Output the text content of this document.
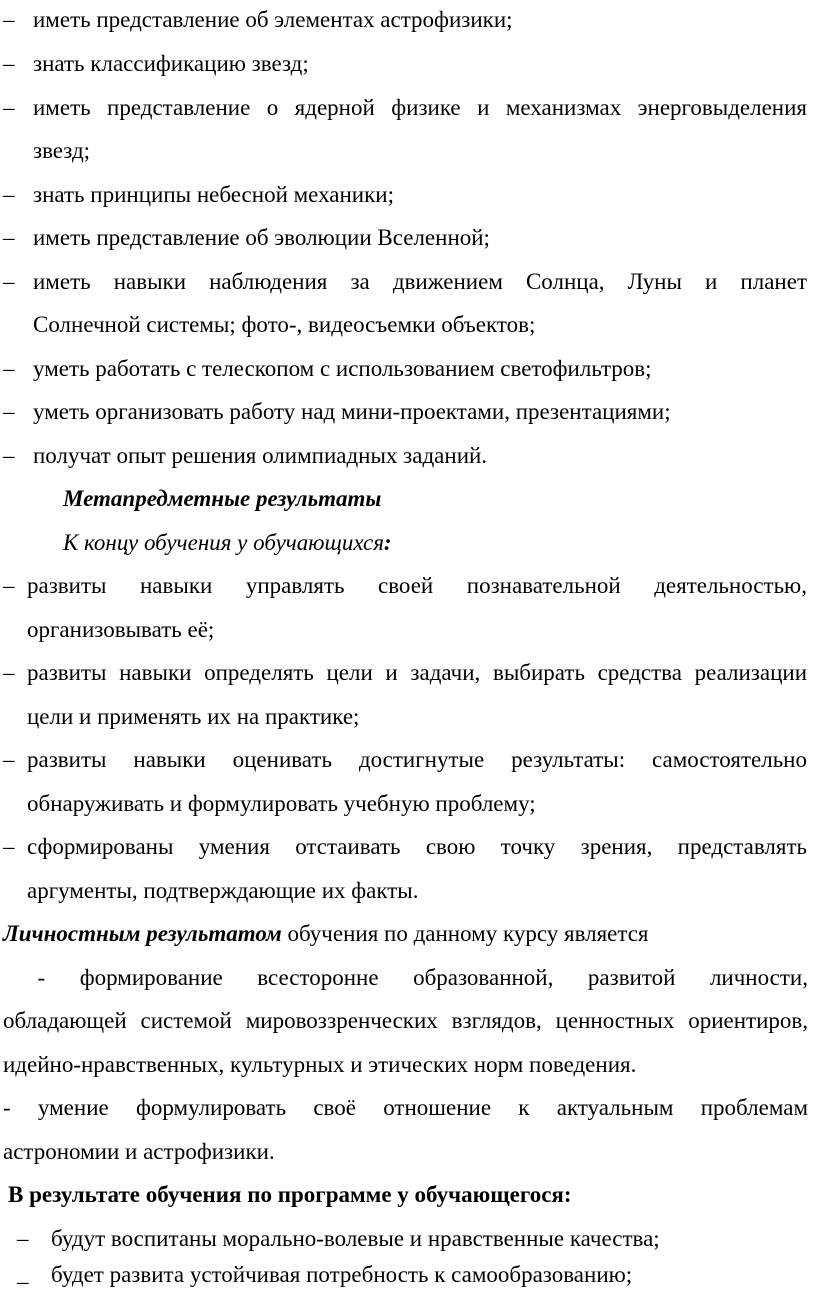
– иметь представление об элементах астрофизики;
– знать классификацию звезд;
– иметь представление о ядерной физике и механизмах энерговыделения
звезд;
– знать принципы небесной механики;
– иметь представление об эволюции Вселенной;
– иметь навыки наблюдения за движением Солнца, Луны и планет
Солнечной системы; фото-, видеосъемки объектов;
– уметь работать с телескопом с использованием светофильтров;
– уметь организовать работу над мини-проектами, презентациями;
– получат опыт решения олимпиадных заданий.
Метапредметные результаты
К концу обучения у обучающихся:
– развиты навыки управлять своей познавательной деятельностью,
организовывать её;
– развиты навыки определять цели и задачи, выбирать средства реализации
цели и применять их на практике;
– развиты навыки оценивать достигнутые результаты: самостоятельно
обнаруживать и формулировать учебную проблему;
– сформированы умения отстаивать свою точку зрения, представлять
аргументы, подтверждающие их факты.
Личностным результатом обучения по данному курсу является
- формирование всесторонне образованной, развитой личности,
обладающей системой мировоззренческих взглядов, ценностных ориентиров,
идейно-нравственных, культурных и этических норм поведения.
- умение формулировать своё отношение к актуальным проблемам
астрономии и астрофизики.
В результате обучения по программе у обучающегося:
– будут воспитаны морально-волевые и нравственные качества;
– будет развита устойчивая потребность к самообразованию;
